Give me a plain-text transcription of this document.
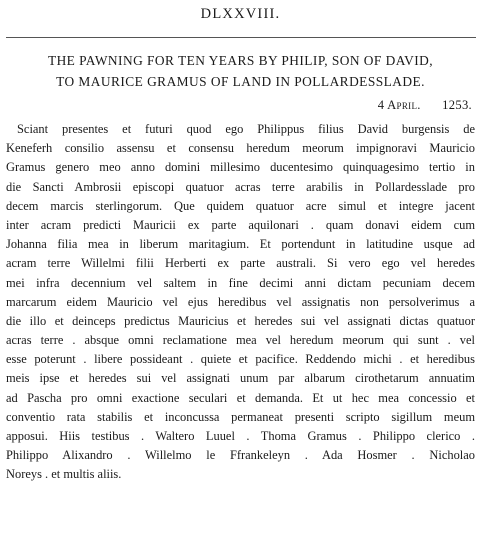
DLXXVIII.
THE PAWNING FOR TEN YEARS BY PHILIP, SON OF DAVID,
TO MAURICE GRAMUS OF LAND IN POLLARDESSLADE.
4 April. 1253.
Sciant presentes et futuri quod ego Philippus filius David burgensis de
Keneferh consilio assensu et consensu heredum meorum impignoravi Mauricio
Gramus genero meo anno domini millesimo ducentesimo quinquagesimo tertio in
die Sancti Ambrosii episcopi quatuor acras terre arabilis in Pollardesslade pro
decem marcis sterlingorum. Que quidem quatuor acre simul et integre jacent
inter acram predicti Mauricii ex parte aquilonari . quam donavi eidem cum
Johanna filia mea in liberum maritagium. Et portendunt in latitudine usque ad
acram terre Willelmi filii Herberti ex parte australi. Si vero ego vel heredes
mei infra decennium vel saltem in fine decimi anni dictam pecuniam decem
marcarum eidem Mauricio vel ejus heredibus vel assignatis non persolverimus a
die illo et deinceps predictus Mauricius et heredes sui vel assignati dictas quatuor
acras terre . absque omni reclamatione mea vel heredum meorum qui sunt . vel
esse poterunt . libere possideant . quiete et pacifice. Reddendo michi . et heredibus
meis ipse et heredes sui vel assignati unum par albarum cirothetarum annuatim
ad Pascha pro omni exactione seculari et demanda. Et ut hec mea concessio et
conventio rata stabilis et inconcussa permaneat presenti scripto sigillum meum
apposui. Hiis testibus . Waltero Luuel . Thoma Gramus . Philippo clerico .
Philippo Alixandro . Willelmo le Ffrankeleyn . Ada Hosmer . Nicholao
Noreys . et multis aliis.
